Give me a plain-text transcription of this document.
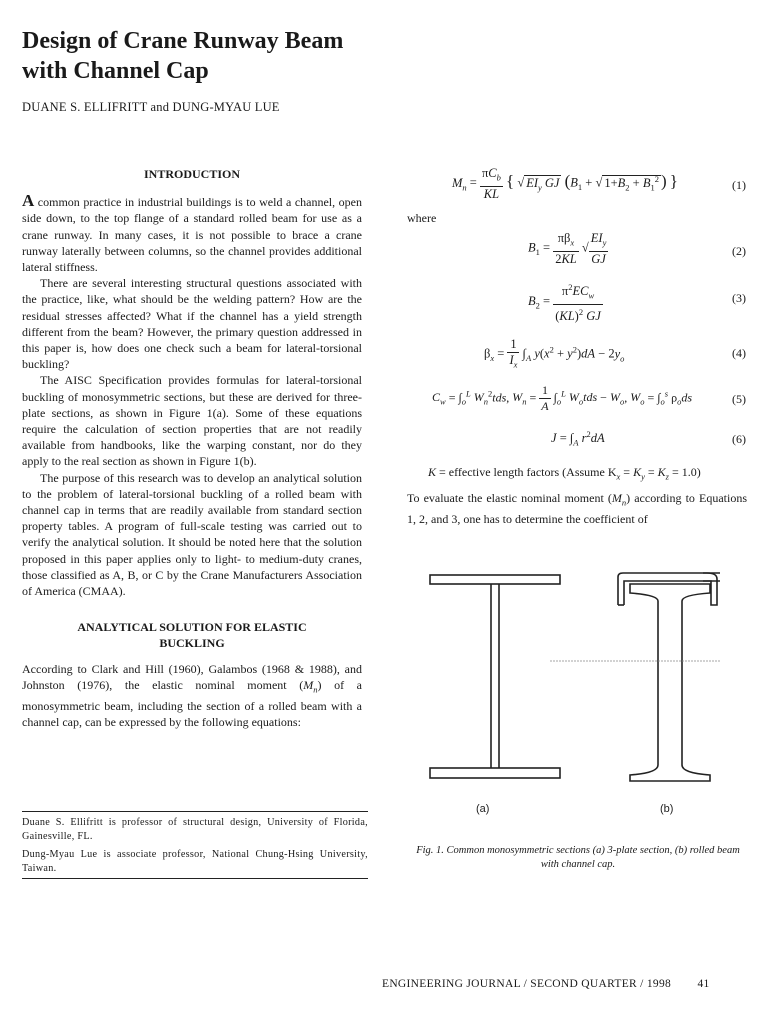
Design of Crane Runway Beam
with Channel Cap
DUANE S. ELLIFRITT and DUNG-MYAU LUE
INTRODUCTION

A common practice in industrial buildings is to weld a channel, open side down, to the top flange of a standard rolled beam for use as a crane runway. In many cases, it is not possible to brace a crane runway laterally between columns, so the channel provides additional lateral stiffness.

There are several interesting structural questions associated with the practice, like, what should be the welding pattern? How are the residual stresses affected? What if the channel has a yield strength different from the beam? However, the primary question addressed in this paper is, how does one check such a beam for lateral-torsional buckling?

The AISC Specification provides formulas for lateral-torsional buckling of monosymmetric sections, but these are derived for three-plate sections, as shown in Figure 1(a). Some of these equations require the calculation of section properties that are not readily available from handbooks, like the warping constant, nor do they apply to the real section as shown in Figure 1(b).

The purpose of this research was to develop an analytical solution to the problem of lateral-torsional buckling of a rolled beam with channel cap in terms that are readily available from standard section property tables. A program of full-scale testing was carried out to verify the analytical solution. It should be noted here that the solution proposed in this paper applies only to light- to medium-duty cranes, those classified as A, B, or C by the Crane Manufacturers Association of America (CMAA).

ANALYTICAL SOLUTION FOR ELASTIC BUCKLING

According to Clark and Hill (1960), Galambos (1968 & 1988), and Johnston (1976), the elastic nominal moment $(M_n)$ of a monosymmetric beam, including the section of a rolled beam with a channel cap, can be expressed by the following equations:

Duane S. Ellifritt is professor of structural design, University of Florida, Gainesville, FL.

Dung-Myau Lue is associate professor, National Chung-Hsing University, Taiwan.

$M_n = \frac{\pi C_b}{KL}$ { √ $EI_y$ GJ ($B_1$ + √ $1+B_2 + B_1^2$ ) }	(1)
where
$B_1 = \frac{\pi\beta_x}{2KL}$ √ $\frac{EI_y}{GJ}$	(2)
$B_2 = \frac{\pi^2EC_w}{(KL)^2 GJ}$	(3)
$\beta_x = \frac{1}{I_x} \int_A$ $y(x^2 + y^2)dA - 2y_o$	(4)
$C_w = \int_o^L$ $W_n^2tds$, $W_n = \frac{1}{A} \int_o^L$ $W_otds - W_o$, $W_o = \int_o^s$ $\rho_ods$	(5)
$J = \int_A$ $r^2dA$	(6)
K = effective length factors (Assume $K_x = K_y = K_z = 1.0$)
To evaluate the elastic nominal moment $(M_n)$ according to Equations 1, 2, and 3, one has to determine the coefficient of
(a)	(b)
Fig. 1. Common monosymmetric sections (a) 3-plate section, (b) rolled beam with channel cap.
ENGINEERING JOURNAL / SECOND QUARTER / 1998 41
